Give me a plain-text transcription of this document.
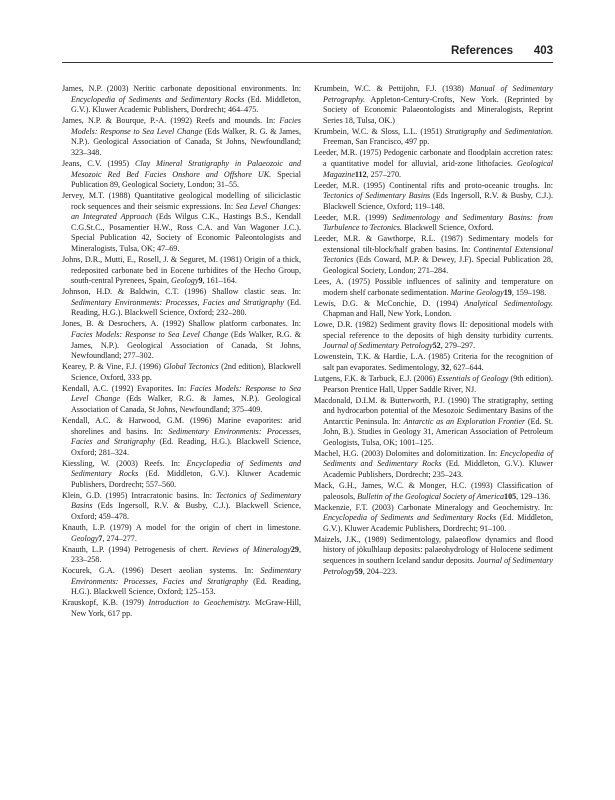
References 403

James, N.P. (2003) Neritic carbonate depositional environments. In: Encyclopedia of Sediments and Sedimentary Rocks (Ed. Middleton, G.V.). Kluwer Academic Publishers, Dordrecht; 464–475.

James, N.P. & Bourque, P.-A. (1992) Reefs and mounds. In: Facies Models: Response to Sea Level Change (Eds Walker, R. G. & James, N.P.). Geological Association of Canada, St Johns, Newfoundland; 323–348.

Jeans, C.V. (1995) Clay Mineral Stratigraphy in Palaeozoic and Mesozoic Red Bed Facies Onshore and Offshore UK. Special Publication 89, Geological Society, London; 31–55.

Jervey, M.T. (1988) Quantitative geological modelling of siliciclastic rock sequences and their seismic expressions. In: Sea Level Changes: an Integrated Approach (Eds Wilgus C.K., Hastings B.S., Kendall C.G.St.C., Posamentier H.W., Ross C.A. and Van Wagoner J.C.). Special Publication 42, Society of Economic Paleontologists and Mineralogists, Tulsa, OK; 47–69.

Johns, D.R., Mutti, E., Rosell, J. & Seguret, M. (1981) Origin of a thick, redeposited carbonate bed in Eocene turbidites of the Hecho Group, south-central Pyrenees, Spain, Geology9, 161–164.

Johnson, H.D. & Baldwin, C.T. (1996) Shallow clastic seas. In: Sedimentary Environments: Processes, Facies and Stratigraphy (Ed. Reading, H.G.). Blackwell Science, Oxford; 232–280.

Jones, B. & Desrochers, A. (1992) Shallow platform carbonates. In: Facies Models: Response to Sea Level Change (Eds Walker, R.G. & James, N.P.). Geological Association of Canada, St Johns, Newfoundland; 277–302.

Kearey, P. & Vine, F.J. (1996) Global Tectonics (2nd edition), Blackwell Science, Oxford, 333 pp.

Kendall, A.C. (1992) Evaporites. In: Facies Models: Response to Sea Level Change (Eds Walker, R.G. & James, N.P.). Geological Association of Canada, St Johns, Newfoundland; 375–409.

Kendall, A.C. & Harwood, G.M. (1996) Marine evaporites: arid shorelines and basins. In: Sedimentary Environments: Processes, Facies and Stratigraphy (Ed. Reading, H.G.). Blackwell Science, Oxford; 281–324.

Kiessling, W. (2003) Reefs. In: Encyclopedia of Sediments and Sedimentary Rocks (Ed. Middleton, G.V.). Kluwer Academic Publishers, Dordrecht; 557–560.

Klein, G.D. (1995) Intracratonic basins. In: Tectonics of Sedimentary Basins (Eds Ingersoll, R.V. & Busby, C.J.). Blackwell Science, Oxford; 459–478.

Knauth, L.P. (1979) A model for the origin of chert in limestone. Geology7, 274–277.

Knauth, L.P. (1994) Petrogenesis of chert. Reviews of Mineralogy29, 233–258.

Kocurek, G.A. (1996) Desert aeolian systems. In: Sedimentary Environments: Processes, Facies and Stratigraphy (Ed. Reading, H.G.). Blackwell Science, Oxford; 125–153.

Krauskopf, K.B. (1979) Introduction to Geochemistry. McGraw-Hill, New York, 617 pp.

Krumbein, W.C. & Pettijohn, F.J. (1938) Manual of Sedimentary Petrography. Appleton-Century-Crofts, New York. (Reprinted by Society of Economic Palaeontologists and Mineralogists, Reprint Series 18, Tulsa, OK.)

Krumbein, W.C. & Sloss, L.L. (1951) Stratigraphy and Sedimentation. Freeman, San Francisco, 497 pp.

Leeder, M.R. (1975) Pedogenic carbonate and floodplain accretion rates: a quantitative model for alluvial, arid-zone lithofacies. Geological Magazine112, 257–270.

Leeder, M.R. (1995) Continental rifts and proto-oceanic troughs. In: Tectonics of Sedimentary Basins (Eds Ingersoll, R.V. & Busby, C.J.). Blackwell Science, Oxford; 119–148.

Leeder, M.R. (1999) Sedimentology and Sedimentary Basins: from Turbulence to Tectonics. Blackwell Science, Oxford.

Leeder, M.R. & Gawthorpe, R.L. (1987) Sedimentary models for extensional tilt-block/half graben basins. In: Continental Extensional Tectonics (Eds Coward, M.P. & Dewey, J.F). Special Publication 28, Geological Society, London; 271–284.

Lees, A. (1975) Possible influences of salinity and temperature on modern shelf carbonate sedimentation. Marine Geology19, 159–198.

Lewis, D.G. & McConchie, D. (1994) Analytical Sedimentology. Chapman and Hall, New York, London.

Lowe, D.R. (1982) Sediment gravity flows II: depositional models with special reference to the deposits of high density turbidity currents. Journal of Sedimentary Petrology52, 279–297.

Lowenstein, T.K. & Hardie, L.A. (1985) Criteria for the recognition of salt pan evaporates. Sedimentology, 32, 627–644.

Lutgens, F.K. & Tarbuck, E.J. (2006) Essentials of Geology (9th edition). Pearson Prentice Hall, Upper Saddle River, NJ.

Macdonald, D.I.M. & Butterworth, P.J. (1990) The stratigraphy, setting and hydrocarbon potential of the Mesozoic Sedimentary Basins of the Antarctic Peninsula. In: Antarctic as an Exploration Frontier (Ed. St. John, B.). Studies in Geology 31, American Association of Petroleum Geologists, Tulsa, OK; 1001–125.

Machel, H.G. (2003) Dolomites and dolomitization. In: Encyclopedia of Sediments and Sedimentary Rocks (Ed. Middleton, G.V.). Kluwer Academic Publishers, Dordrecht; 235–243.

Mack, G.H., James, W.C. & Monger, H.C. (1993) Classification of paleosols, Bulletin of the Geological Society of America105, 129–136.

Mackenzie, F.T. (2003) Carbonate Mineralogy and Geochemistry. In: Encyclopedia of Sediments and Sedimentary Rocks (Ed. Middleton, G.V.). Kluwer Academic Publishers, Dordrecht; 91–100.

Maizels, J.K., (1989) Sedimentology, palaeoflow dynamics and flood history of jökulhlaup deposits: palaeohydrology of Holocene sediment sequences in southern Iceland sandur deposits. Journal of Sedimentary Petrology59, 204–223.
